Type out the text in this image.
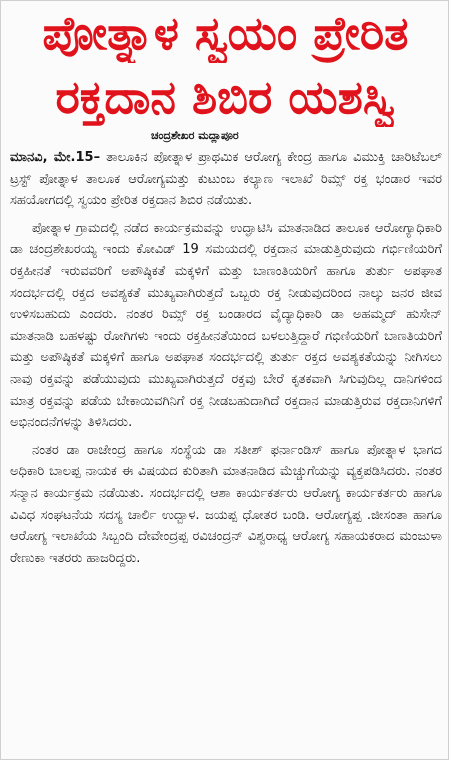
ಪೋತ್ನಾಳ ಸ್ವಯಂ ಪ್ರೇರಿತ
ರಕ್ತದಾನ ಶಿಬಿರ ಯಶಸ್ವಿ
ಚಂದ್ರಶೇಖರ ಮದ್ಲಾಪೂರ

ಮಾನವಿ, ಮೇ.15– ತಾಲೂಕಿನ ಪೋತ್ನಾಳ ಪ್ರಾಥಮಿಕ ಆರೋಗ್ಯ ಕೇಂದ್ರ ಹಾಗೂ ವಿಮುಕ್ತಿ ಚಾರಿಟೆಬಲ್ ಟ್ರಸ್ಟ್ ಪೋತ್ನಾಳ ತಾಲೂಕ ಆರೋಗ್ಯಮತ್ತು ಕುಟುಂಬ ಕಲ್ಯಾಣ ಇಲಾಖೆ ರಿಮ್ಸ್ ರಕ್ತ ಭಂಡಾರ ಇವರ ಸಹಯೋಗದಲ್ಲಿ ಸ್ವಯಂ ಪ್ರೇರಿತ ರಕ್ತದಾನ ಶಿಬಿರ ನಡೆಯಿತು.

ಪೋತ್ನಾಳ ಗ್ರಾಮದಲ್ಲಿ ನಡೆದ ಕಾರ್ಯಕ್ರಮವನ್ನು ಉದ್ಘಾಟಿಸಿ ಮಾತನಾಡಿದ ತಾಲೂಕ ಆರೋಗ್ಯಾಧಿಕಾರಿ ಡಾ ಚಂದ್ರಶೇಖರಯ್ಯ ಇಂದು ಕೋವಿಡ್ 19 ಸಮಯದಲ್ಲಿ ರಕ್ತದಾನ ಮಾಡುತ್ತಿರುವುದು ಗರ್ಭಿಣಿಯರಿಗೆ ರಕ್ತಹೀನತೆ ಇರುವವರಿಗೆ ಅಪೌಷ್ಠಿಕತೆ ಮಕ್ಕಳಿಗೆ ಮತ್ತು ಬಾಣಂತಿಯರಿಗೆ ಹಾಗೂ ತುರ್ತು ಅಪಘಾತ ಸಂದರ್ಭದಲ್ಲಿ ರಕ್ತದ ಅವಶ್ಯಕತೆ ಮುಖ್ಯವಾಗಿರುತ್ತದೆ ಒಬ್ಬರು ರಕ್ತ ನೀಡುವುದರಿಂದ ನಾಲ್ಕು ಜನರ ಜೀವ ಉಳಿಸಬಹುದು ಎಂದರು. ನಂತರ ರಿಮ್ಸ್ ರಕ್ತ ಬಂಡಾರದ ವೈದ್ಯಾಧಿಕಾರಿ ಡಾ ಅಹಮ್ಮದ್ ಹುಸೇನ್ ಮಾತನಾಡಿ ಬಹಳಷ್ಟು ರೋಗಿಗಳು ಇಂದು ರಕ್ತಹೀನತೆಯಿಂದ ಬಳಲುತ್ತಿದ್ದಾರೆ ಗಭಿಣಿಯರಿಗೆ ಬಾಣತಿಯರಿಗೆ ಮತ್ತು ಅಪೌಷ್ಠಿಕತೆ ಮಕ್ಕಳಿಗೆ ಹಾಗೂ ಅಪಘಾತ ಸಂದರ್ಭದಲ್ಲಿ ತುರ್ತು ರಕ್ತದ ಅವಶ್ಯಕತೆಯನ್ನು ನೀಗಿಸಲು ನಾವು ರಕ್ತವನ್ನು ಪಡೆಯುವುದು ಮುಖ್ಯವಾಗಿರುತ್ತದೆ ರಕ್ತವು ಬೇರೆ ಕೃತಕವಾಗಿ ಸಿಗುವುದಿಲ್ಲ ದಾನಿಗಳಿಂದ ಮಾತ್ರ ರಕ್ತವನ್ನು ಪಡೆಯ ಬೇಕಾಯಿವಗಿನಿಗೆ ರಕ್ತ ನೀಡಬಹುದಾಗಿದೆ ರಕ್ತದಾನ ಮಾಡುತ್ತಿರುವ ರಕ್ತದಾನಿಗಳಿಗೆ ಅಭಿನಂದನೆಗಳನ್ನು ತಿಳಿಸಿದರು.

ನಂತರ ಡಾ ರಾಜೇಂದ್ರ ಹಾಗೂ ಸಂಸ್ಥೆಯ ಡಾ ಸತೀಶ್ ಫರ್ನಾಂಡಿಸ್ ಹಾಗೂ ಪೋತ್ನಾಳ ಭಾಗದ ಅಧಿಕಾರಿ ಬಾಲಪ್ಪ ನಾಯಕ ಈ ವಿಷಯದ ಕುರಿತಾಗಿ ಮಾತನಾಡಿದ ಮೆಚ್ಚುಗೆಯನ್ನು ವ್ಯಕ್ತಪಡಿಸಿದರು. ನಂತರ ಸನ್ಮಾನ ಕಾರ್ಯಕ್ರಮ ನಡೆಯಿತು. ಸಂದರ್ಭದಲ್ಲಿ ಆಶಾ ಕಾರ್ಯಕರ್ತರು ಆರೋಗ್ಯ ಕಾರ್ಯಕರ್ತರು ಹಾಗೂ ವಿವಿಧ ಸಂಘಟನೆಯ ಸದಸ್ಯ ಚಾರ್ಲಿ ಉದ್ಬಾಳ. ಜಯಪ್ಪ ಧೋತರ ಬಂಡಿ. ಆರೋಗ್ಯಪ್ಪ .ಜೀಸಂತಾ ಹಾಗೂ ಆರೋಗ್ಯ ಇಲಾಖೆಯ ಸಿಬ್ಬಂದಿ ದೇವೇಂದ್ರಪ್ಪ ರವಿಚಂದ್ರನ್ ವಿಶ್ವರಾಧ್ಯ ಆರೋಗ್ಯ ಸಹಾಯಕರಾದ ಮಂಜುಳಾ ರೇಣುಕಾ ಇತರರು ಹಾಜರಿದ್ದರು.
